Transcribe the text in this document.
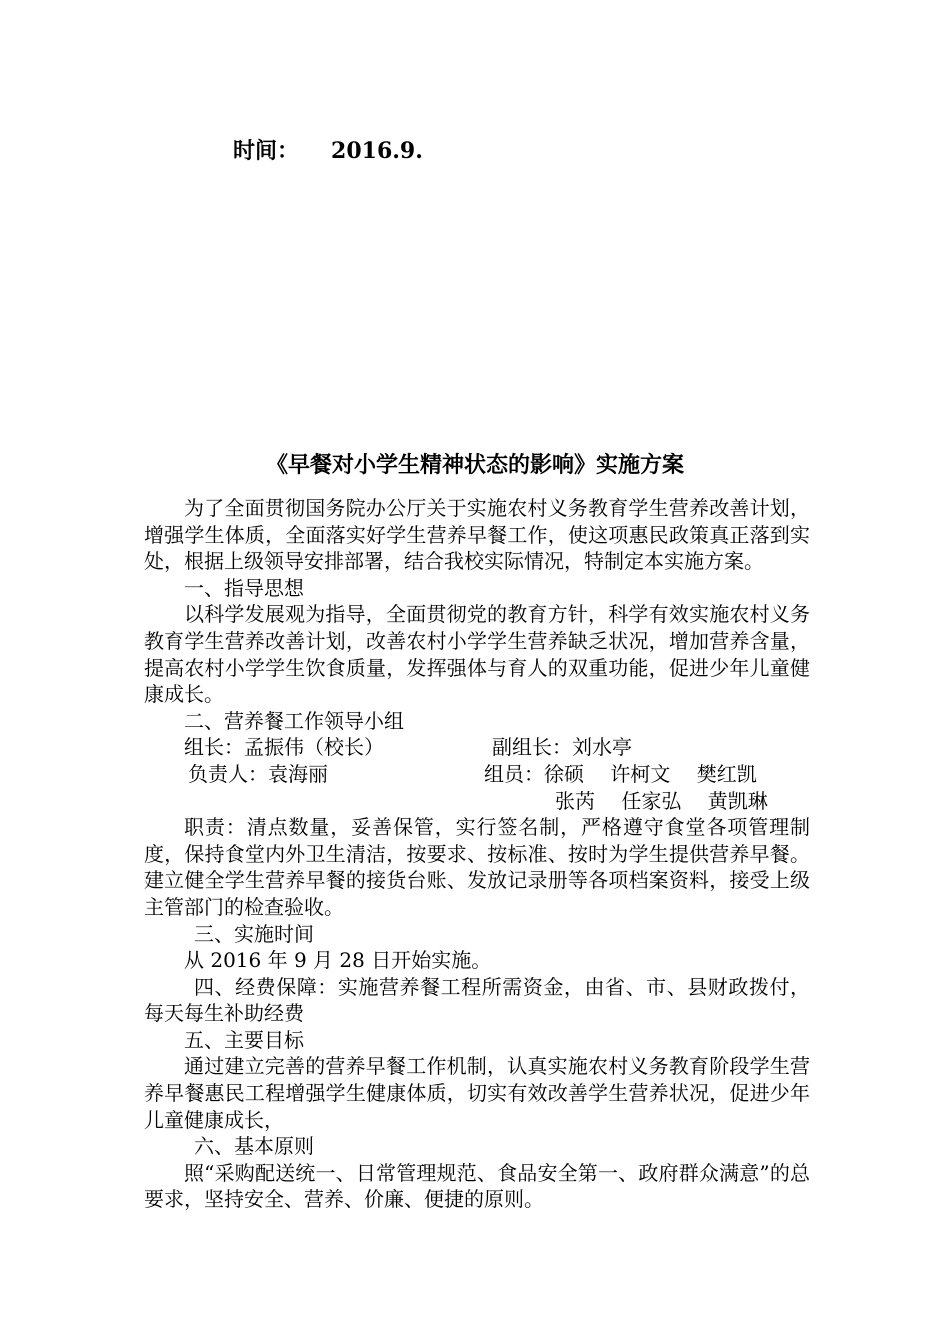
时间： 2016.9.
《早餐对小学生精神状态的影响》实施方案

为了全面贯彻国务院办公厅关于实施农村义务教育学生营养改善计划，增强学生体质，全面落实好学生营养早餐工作，使这项惠民政策真正落到实处，根据上级领导安排部署，结合我校实际情况，特制定本实施方案。

一、指导思想

以科学发展观为指导，全面贯彻党的教育方针，科学有效实施农村义务教育学生营养改善计划，改善农村小学学生营养缺乏状况，增加营养含量，提高农村小学学生饮食质量，发挥强体与育人的双重功能，促进少年儿童健康成长。

二、营养餐工作领导小组

组长：孟振伟（校长）	副组长：刘水亭
负责人：袁海丽	组员：徐硕　 许柯文　 樊红凯
张芮　 任家弘　 黄凯琳

职责：清点数量，妥善保管，实行签名制，严格遵守食堂各项管理制度，保持食堂内外卫生清洁，按要求、按标准、按时为学生提供营养早餐。建立健全学生营养早餐的接货台账、发放记录册等各项档案资料，接受上级主管部门的检查验收。

三、实施时间

从 2016 年 9 月 28 日开始实施。

四、经费保障：实施营养餐工程所需资金，由省、市、县财政拨付，每天每生补助经费

五、主要目标

通过建立完善的营养早餐工作机制，认真实施农村义务教育阶段学生营养早餐惠民工程增强学生健康体质，切实有效改善学生营养状况，促进少年儿童健康成长，

六、基本原则

照“采购配送统一、日常管理规范、食品安全第一、政府群众满意”的总要求，坚持安全、营养、价廉、便捷的原则。
